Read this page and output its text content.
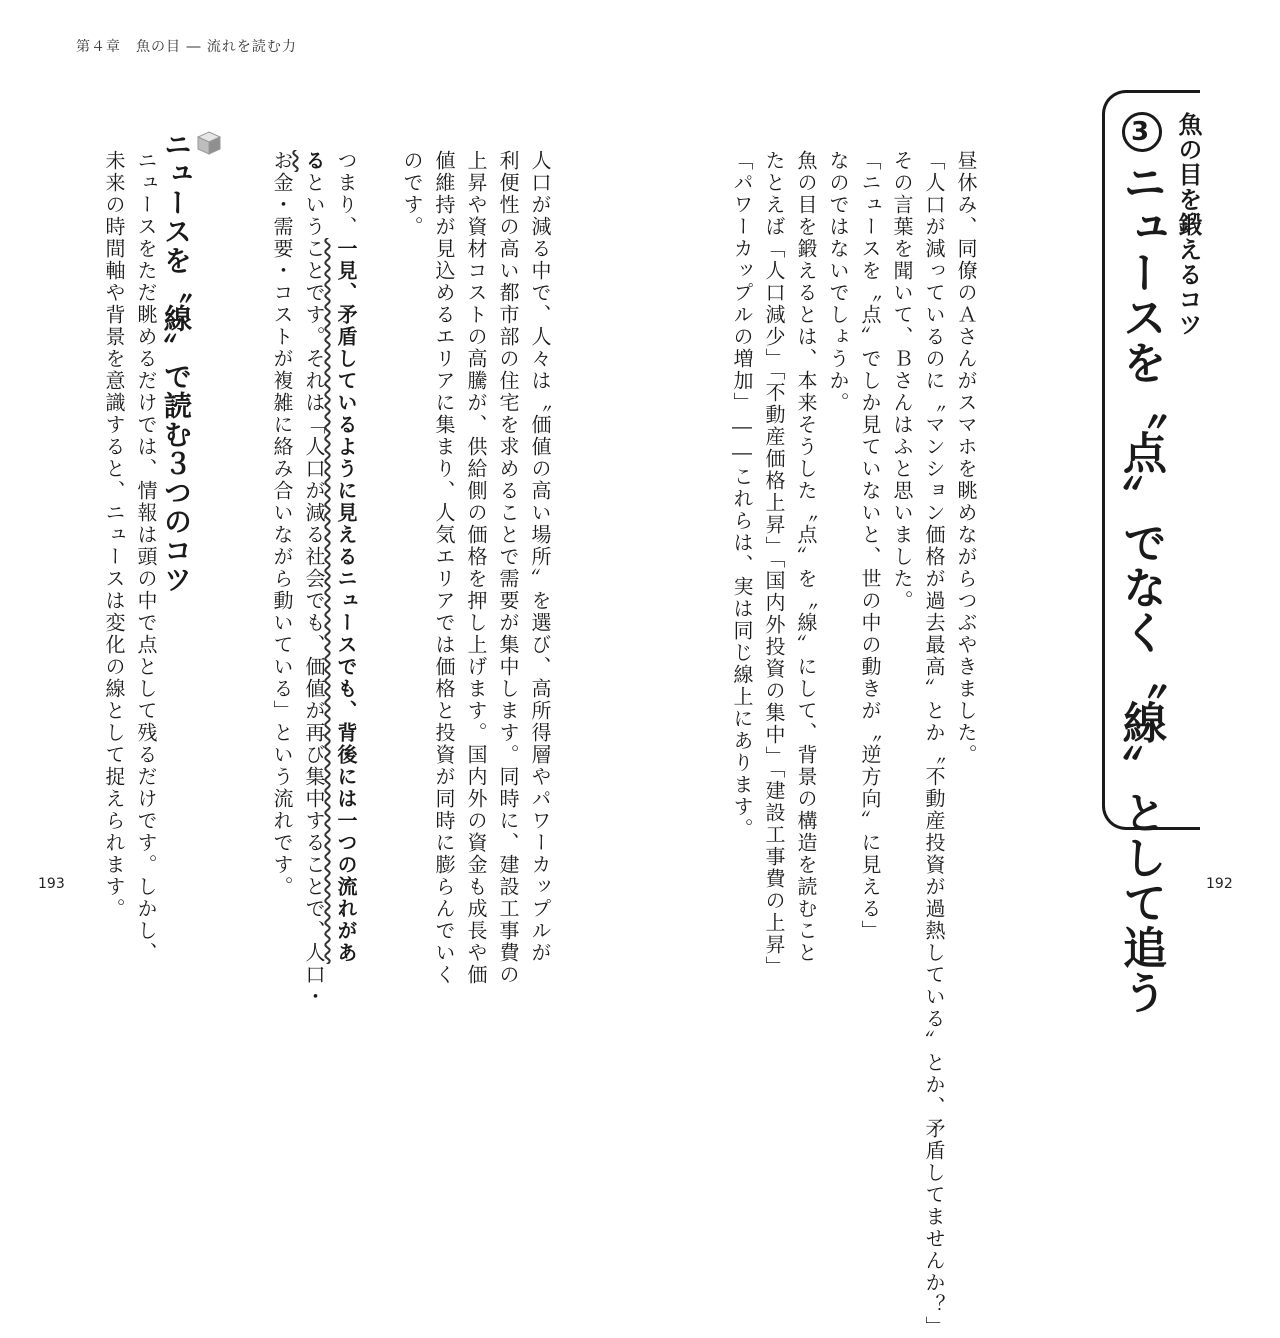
第４章　魚の目 ― 流れを読む力
魚の目を鍛えるコツ
3ニュースを〝点〟でなく〝線〟として追う

昼休み、同僚のＡさんがスマホを眺めながらつぶやきました。

「人口が減っているのに〝マンション価格が過去最高〟とか〝不動産投資が過熱している〟とか、矛盾してませんか？」

その言葉を聞いて、Ｂさんはふと思いました。

「ニュースを〝点〟でしか見ていないと、世の中の動きが〝逆方向〟に見える」

なのではないでしょうか。

魚の目を鍛えるとは、本来そうした〝点〟を〝線〟にして、背景の構造を読むこと

たとえば「人口減少」「不動産価格上昇」「国内外投資の集中」「建設工事費の上昇」

「パワーカップルの増加」――これらは、実は同じ線上にあります。

人口が減る中で、人々は〝価値の高い場所〟を選び、高所得層やパワーカップルが

利便性の高い都市部の住宅を求めることで需要が集中します。同時に、建設工事費の

上昇や資材コストの高騰が、供給側の価格を押し上げます。国内外の資金も成長や価

値維持が見込めるエリアに集まり、人気エリアでは価格と投資が同時に膨らんでいく

のです。

つまり、一見、矛盾しているように見えるニュースでも、背後には一つの流れがあ

るということです。それは「人口が減る社会でも、価値が再び集中することで、人口・

お金・需要・コストが複雑に絡み合いながら動いている」という流れです。

ニュースを〝線〟で読む３つのコツ

ニュースをただ眺めるだけでは、情報は頭の中で点として残るだけです。しかし、

未来の時間軸や背景を意識すると、ニュースは変化の線として捉えられます。

193	192
